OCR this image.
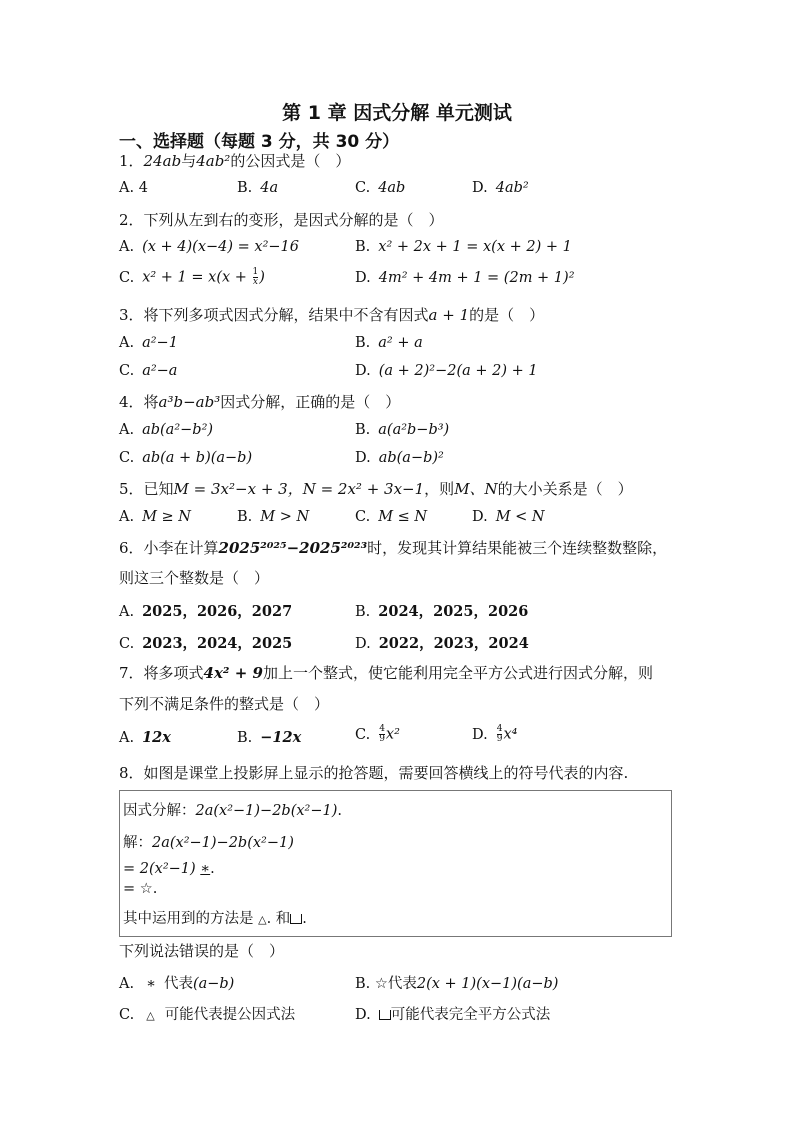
第 1 章 因式分解 单元测试
一、选择题（每题 3 分，共 30 分）
1．24ab与4ab²的公因式是（　）
A. 4	B. 4a	C. 4ab	D. 4ab²
2．下列从左到右的变形，是因式分解的是（　）
A. (x + 4)(x−4) = x²−16	B. x² + 2x + 1 = x(x + 2) + 1
C. $x^2 + 1 = x(x + \frac{1}{x}$ )	D. 4m² + 4m + 1 = (2m + 1)²
3．将下列多项式因式分解，结果中不含有因式a + 1的是（　）
A. a²−1	B. a² + a
C. a²−a	D. (a + 2)²−2(a + 2) + 1
4．将a³b−ab³因式分解，正确的是（　）
A. ab(a²−b²)	B. a(a²b−b³)
C. ab(a + b)(a−b)	D. ab(a−b)²
5．已知M = 3x²−x + 3，N = 2x² + 3x−1，则M、N的大小关系是（　）
A. M ≥ N	B. M > N	C. M ≤ N	D. M < N
6．小李在计算2025²⁰²⁵−2025²⁰²³时，发现其计算结果能被三个连续整数整除，
则这三个整数是（　）
A. 2025，2026，2027	B. 2024，2025，2026
C. 2023，2024，2025	D. 2022，2023，2024
7．将多项式4x² + 9加上一个整式，使它能利用完全平方公式进行因式分解，则
下列不满足条件的整式是（　）
A. 12x	B. −12x	C. $\frac{4}{9} x^2$	D. $\frac{4}{9} x^4$
8．如图是课堂上投影屏上显示的抢答题，需要回答横线上的符号代表的内容.
因式分解：2a(x²−1)−2b(x²−1).
解：2a(x²−1)−2b(x²−1)
= 2(x²−1) ∗.
= ☆.
其中运用到的方法是 △. 和 .
下列说法错误的是（　）
A. ∗ 代表(a−b)	B. ☆代表2(x + 1)(x−1)(a−b)
C. △ 可能代表提公因式法	D. 可能代表完全平方公式法
